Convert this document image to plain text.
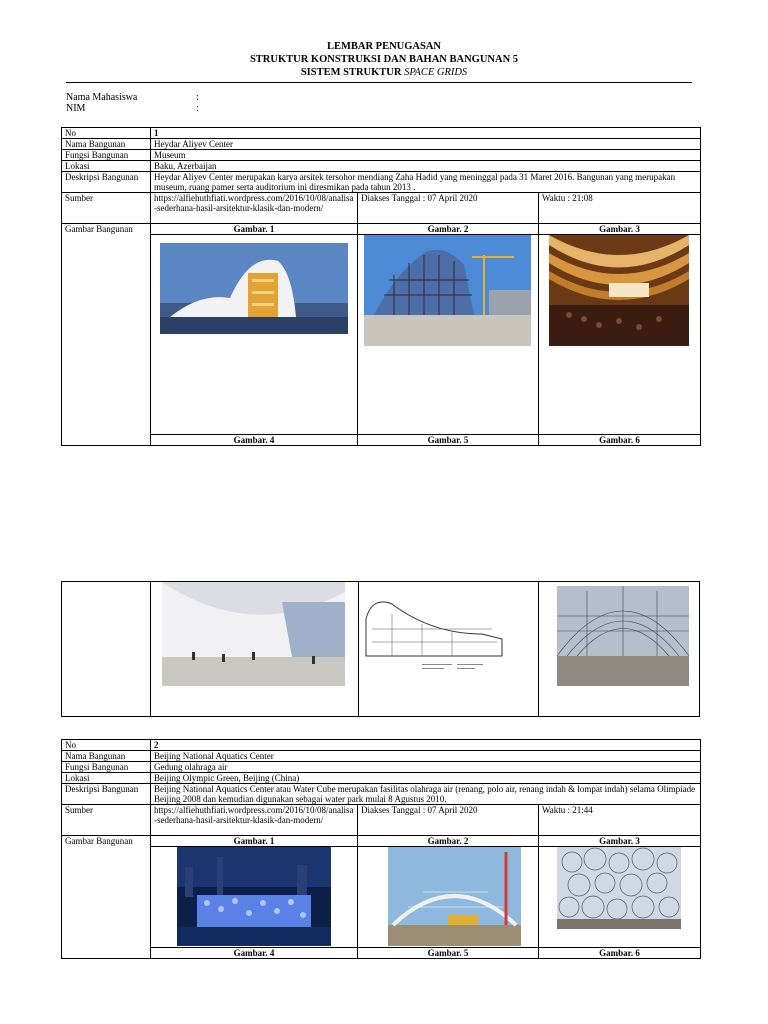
LEMBAR PENUGASAN
STRUKTUR KONSTRUKSI DAN BAHAN BANGUNAN 5
SISTEM STRUKTUR SPACE GRIDS
Nama Mahasiswa	:
NIM	:
No	1		
Nama Bangunan	Heydar Aliyev Center		
Fungsi Bangunan	Museum		
Lokasi	Baku, Azerbaijan		
Deskripsi Bangunan	Heydar Aliyev Center merupakan karya arsitek tersohor mendiang Zaha Hadid yang meninggal pada 31 Maret 2016. Bangunan yang merupakan museum, ruang pamer serta auditorium ini diresmikan pada tahun 2013 .		
Sumber	https://alfiehuthfiati.wordpress.com/2016/10/08/analisa-sederhana-hasil-arsitektur-klasik-dan-modern/	Diakses Tanggal : 07 April 2020	Waktu : 21:08
Gambar Bangunan	Gambar. 1	Gambar. 2	Gambar. 3

	Gambar. 4	Gambar. 5	Gambar. 6
No	2		
Nama Bangunan	Beijing National Aquatics Center		
Fungsi Bangunan	Gedung olahraga air		
Lokasi	Beijing Olympic Green, Beijing (China)		
Deskripsi Bangunan	Beijing National Aquatics Center atau Water Cube merupakan fasilitas olahraga air (renang, polo air, renang indah & lompat indah) selama Olimpiade Beijing 2008 dan kemudian digunakan sebagai water park mulai 8 Agustus 2010.		
Sumber	https://alfiehuthfiati.wordpress.com/2016/10/08/analisa-sederhana-hasil-arsitektur-klasik-dan-modern/	Diakses Tanggal : 07 April 2020	Waktu : 21:44
Gambar Bangunan	Gambar. 1	Gambar. 2	Gambar. 3

	Gambar. 4	Gambar. 5	Gambar. 6
